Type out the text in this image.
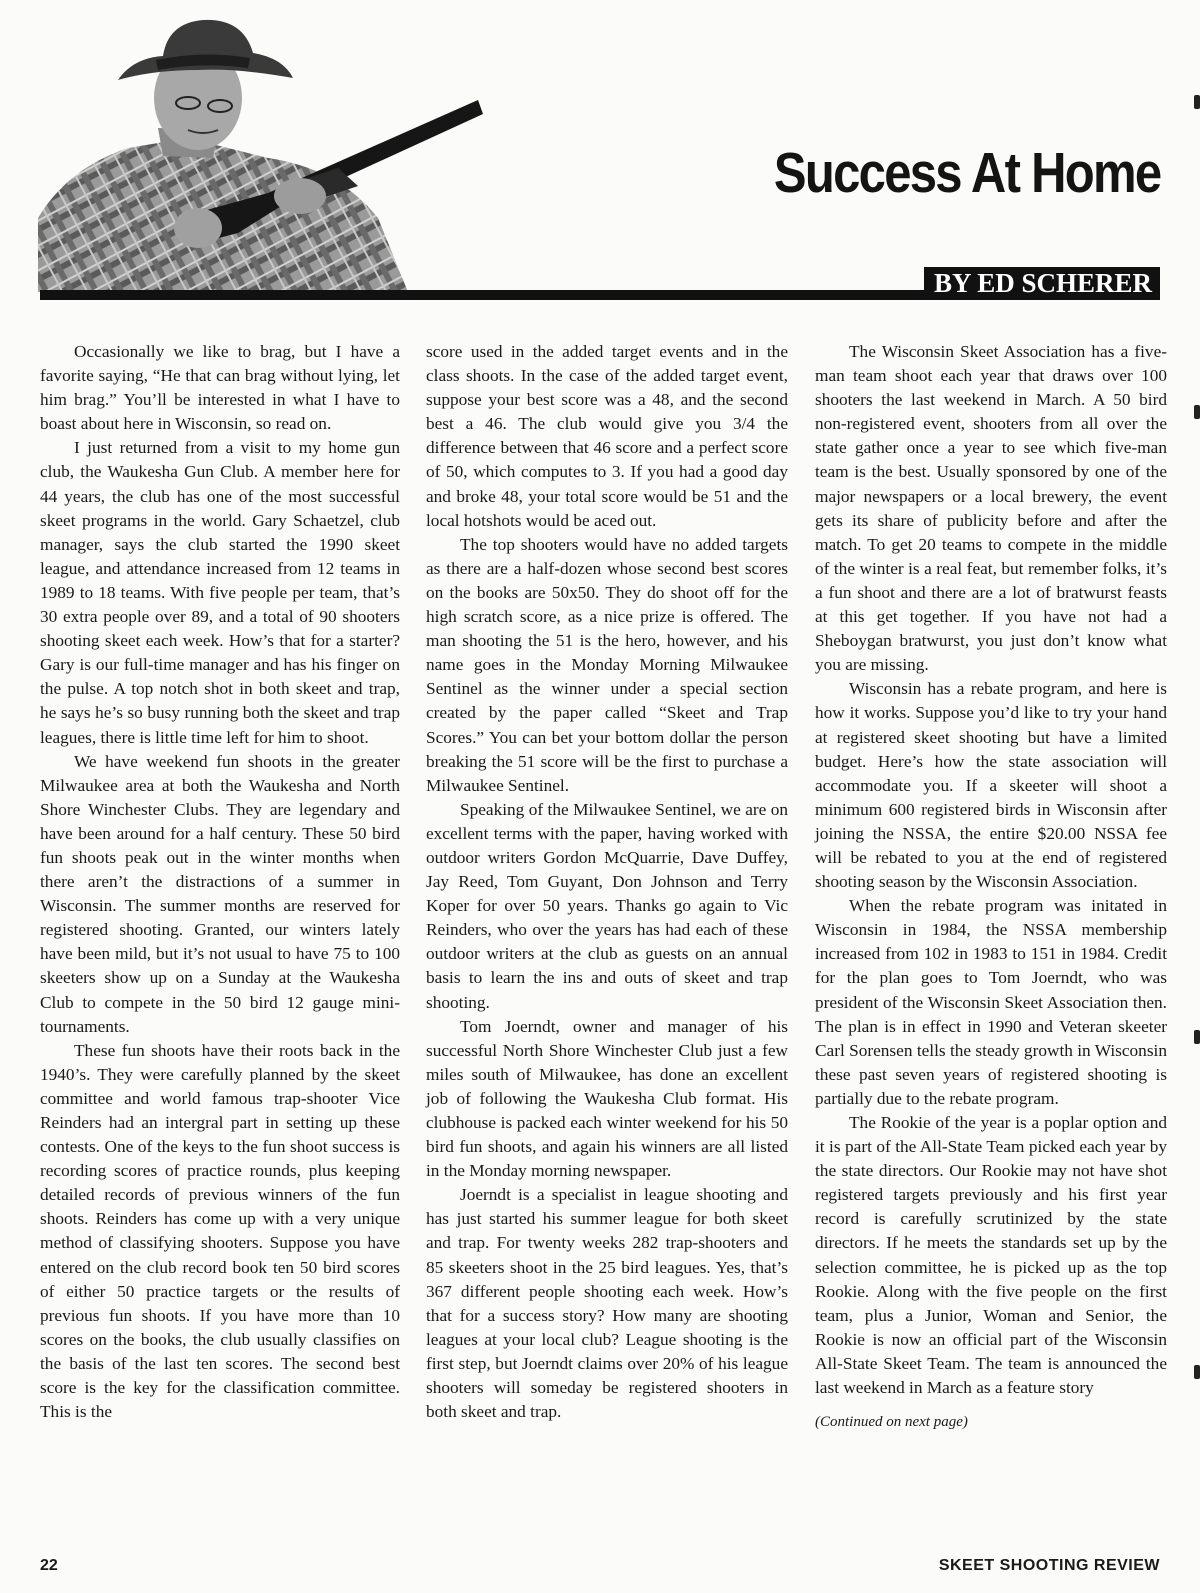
Success At Home
BY ED SCHERER

Occasionally we like to brag, but I have a favorite saying, “He that can brag without lying, let him brag.” You’ll be interested in what I have to boast about here in Wisconsin, so read on.

I just returned from a visit to my home gun club, the Waukesha Gun Club. A member here for 44 years, the club has one of the most successful skeet programs in the world. Gary Schaetzel, club manager, says the club started the 1990 skeet league, and attendance increased from 12 teams in 1989 to 18 teams. With five people per team, that’s 30 extra people over 89, and a total of 90 shooters shooting skeet each week. How’s that for a starter? Gary is our full-time manager and has his finger on the pulse. A top notch shot in both skeet and trap, he says he’s so busy running both the skeet and trap leagues, there is little time left for him to shoot.

We have weekend fun shoots in the greater Milwaukee area at both the Waukesha and North Shore Winchester Clubs. They are legendary and have been around for a half century. These 50 bird fun shoots peak out in the winter months when there aren’t the distractions of a summer in Wisconsin. The summer months are reserved for registered shooting. Granted, our winters lately have been mild, but it’s not usual to have 75 to 100 skeeters show up on a Sunday at the Waukesha Club to compete in the 50 bird 12 gauge mini-tournaments.

These fun shoots have their roots back in the 1940’s. They were carefully planned by the skeet committee and world famous trap-shooter Vice Reinders had an intergral part in setting up these contests. One of the keys to the fun shoot success is recording scores of practice rounds, plus keeping detailed records of previous winners of the fun shoots. Reinders has come up with a very unique method of classifying shooters. Suppose you have entered on the club record book ten 50 bird scores of either 50 practice targets or the results of previous fun shoots. If you have more than 10 scores on the books, the club usually classifies on the basis of the last ten scores. The second best score is the key for the classification committee. This is the

score used in the added target events and in the class shoots. In the case of the added target event, suppose your best score was a 48, and the second best a 46. The club would give you 3/4 the difference between that 46 score and a perfect score of 50, which computes to 3. If you had a good day and broke 48, your total score would be 51 and the local hotshots would be aced out.

The top shooters would have no added targets as there are a half-dozen whose second best scores on the books are 50x50. They do shoot off for the high scratch score, as a nice prize is offered. The man shooting the 51 is the hero, however, and his name goes in the Monday Morning Milwaukee Sentinel as the winner under a special section created by the paper called “Skeet and Trap Scores.” You can bet your bottom dollar the person breaking the 51 score will be the first to purchase a Milwaukee Sentinel.

Speaking of the Milwaukee Sentinel, we are on excellent terms with the paper, having worked with outdoor writers Gordon McQuarrie, Dave Duffey, Jay Reed, Tom Guyant, Don Johnson and Terry Koper for over 50 years. Thanks go again to Vic Reinders, who over the years has had each of these outdoor writers at the club as guests on an annual basis to learn the ins and outs of skeet and trap shooting.

Tom Joerndt, owner and manager of his successful North Shore Winchester Club just a few miles south of Milwaukee, has done an excellent job of following the Waukesha Club format. His clubhouse is packed each winter weekend for his 50 bird fun shoots, and again his winners are all listed in the Monday morning newspaper.

Joerndt is a specialist in league shooting and has just started his summer league for both skeet and trap. For twenty weeks 282 trap-shooters and 85 skeeters shoot in the 25 bird leagues. Yes, that’s 367 different people shooting each week. How’s that for a success story? How many are shooting leagues at your local club? League shooting is the first step, but Joerndt claims over 20% of his league shooters will someday be registered shooters in both skeet and trap.

The Wisconsin Skeet Association has a five-man team shoot each year that draws over 100 shooters the last weekend in March. A 50 bird non-registered event, shooters from all over the state gather once a year to see which five-man team is the best. Usually sponsored by one of the major newspapers or a local brewery, the event gets its share of publicity before and after the match. To get 20 teams to compete in the middle of the winter is a real feat, but remember folks, it’s a fun shoot and there are a lot of bratwurst feasts at this get together. If you have not had a Sheboygan bratwurst, you just don’t know what you are missing.

Wisconsin has a rebate program, and here is how it works. Suppose you’d like to try your hand at registered skeet shooting but have a limited budget. Here’s how the state association will accommodate you. If a skeeter will shoot a minimum 600 registered birds in Wisconsin after joining the NSSA, the entire $20.00 NSSA fee will be rebated to you at the end of registered shooting season by the Wisconsin Association.

When the rebate program was initated in Wisconsin in 1984, the NSSA membership increased from 102 in 1983 to 151 in 1984. Credit for the plan goes to Tom Joerndt, who was president of the Wisconsin Skeet Association then. The plan is in effect in 1990 and Veteran skeeter Carl Sorensen tells the steady growth in Wisconsin these past seven years of registered shooting is partially due to the rebate program.

The Rookie of the year is a poplar option and it is part of the All-State Team picked each year by the state directors. Our Rookie may not have shot registered targets previously and his first year record is carefully scrutinized by the state directors. If he meets the standards set up by the selection committee, he is picked up as the top Rookie. Along with the five people on the first team, plus a Junior, Woman and Senior, the Rookie is now an official part of the Wisconsin All-State Skeet Team. The team is announced the last weekend in March as a feature story

(Continued on next page)

22	SKEET SHOOTING REVIEW
